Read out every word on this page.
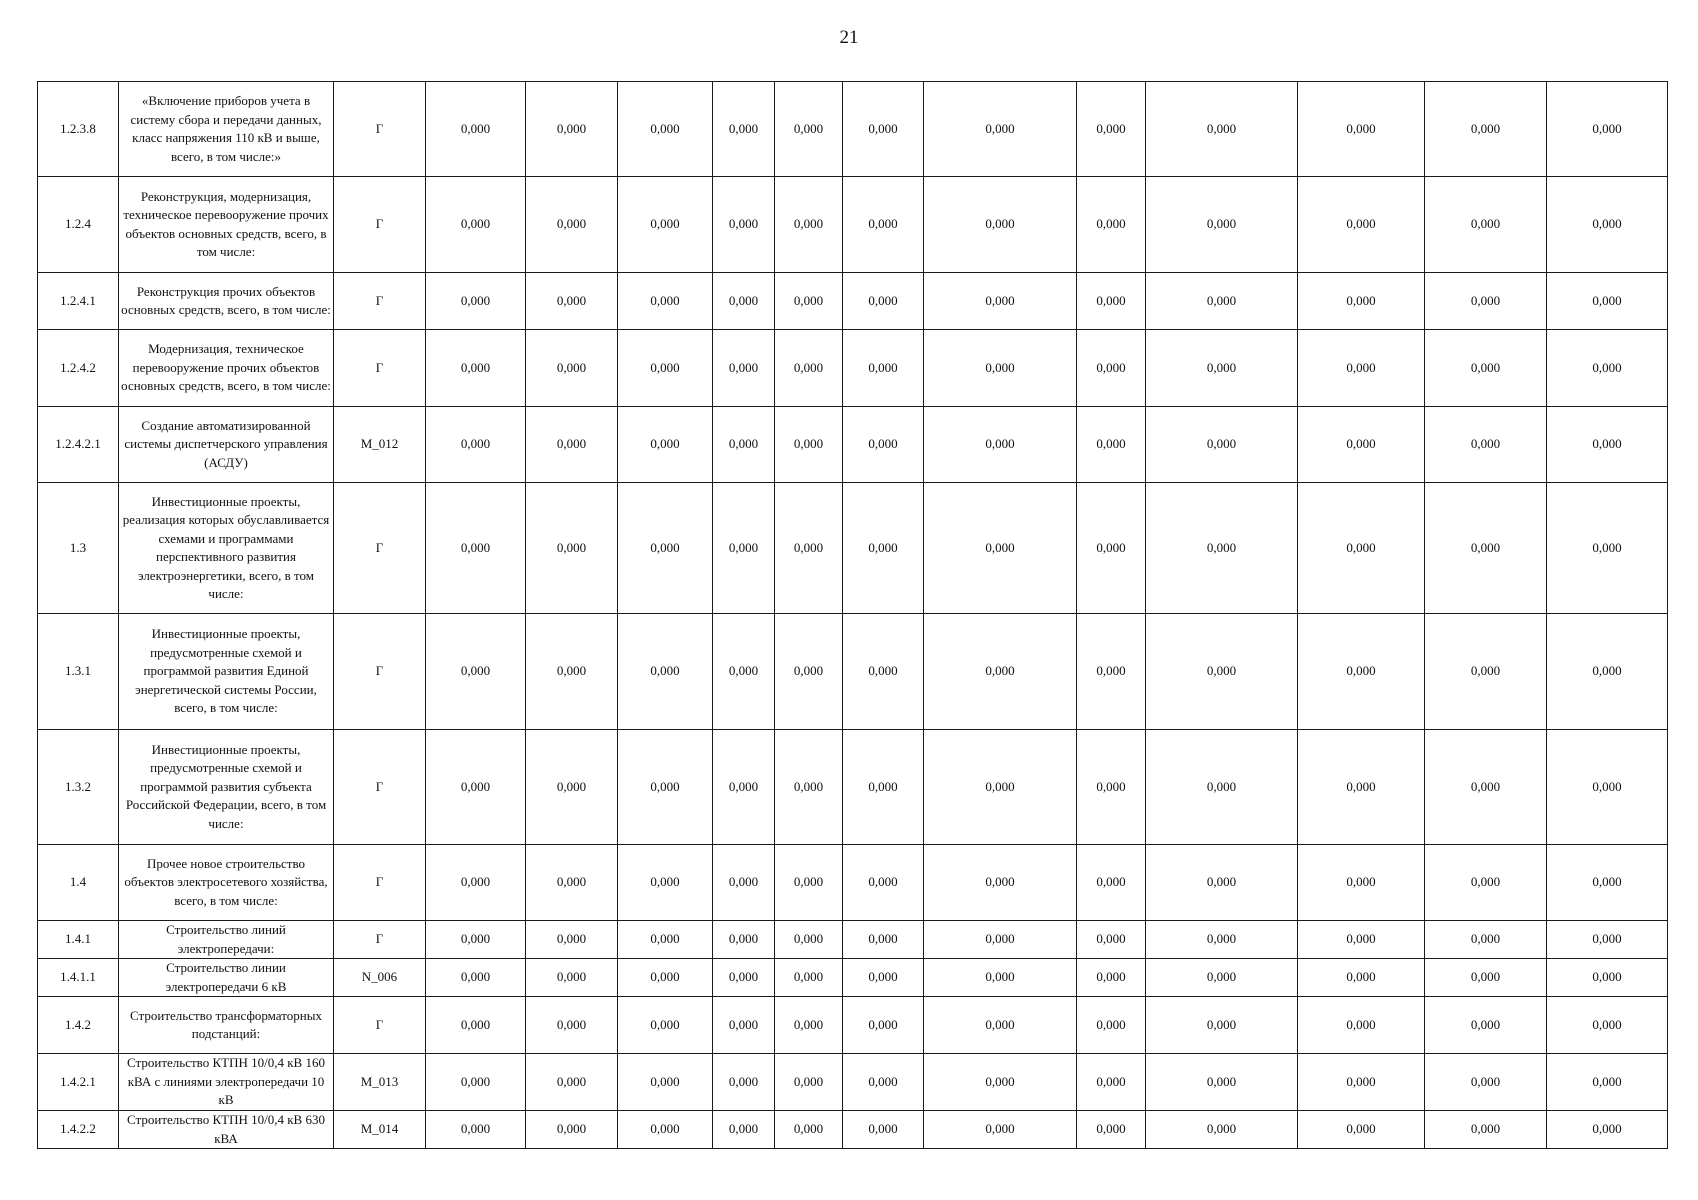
21
1.2.3.8	«Включение приборов учета в систему сбора и передачи данных, класс напряжения 110 кВ и выше, всего, в том числе:»	Г	0,000	0,000	0,000	0,000	0,000	0,000	0,000	0,000	0,000	0,000	0,000	0,000
1.2.4	Реконструкция, модернизация, техническое перевооружение прочих объектов основных средств, всего, в том числе:	Г	0,000	0,000	0,000	0,000	0,000	0,000	0,000	0,000	0,000	0,000	0,000	0,000
1.2.4.1	Реконструкция прочих объектов основных средств, всего, в том числе:	Г	0,000	0,000	0,000	0,000	0,000	0,000	0,000	0,000	0,000	0,000	0,000	0,000
1.2.4.2	Модернизация, техническое перевооружение прочих объектов основных средств, всего, в том числе:	Г	0,000	0,000	0,000	0,000	0,000	0,000	0,000	0,000	0,000	0,000	0,000	0,000
1.2.4.2.1	Создание автоматизированной системы диспетчерского управления (АСДУ)	M_012	0,000	0,000	0,000	0,000	0,000	0,000	0,000	0,000	0,000	0,000	0,000	0,000
1.3	Инвестиционные проекты, реализация которых обуславливается схемами и программами перспективного развития электроэнергетики, всего, в том числе:	Г	0,000	0,000	0,000	0,000	0,000	0,000	0,000	0,000	0,000	0,000	0,000	0,000
1.3.1	Инвестиционные проекты, предусмотренные схемой и программой развития Единой энергетической системы России, всего, в том числе:	Г	0,000	0,000	0,000	0,000	0,000	0,000	0,000	0,000	0,000	0,000	0,000	0,000
1.3.2	Инвестиционные проекты, предусмотренные схемой и программой развития субъекта Российской Федерации, всего, в том числе:	Г	0,000	0,000	0,000	0,000	0,000	0,000	0,000	0,000	0,000	0,000	0,000	0,000
1.4	Прочее новое строительство объектов электросетевого хозяйства, всего, в том числе:	Г	0,000	0,000	0,000	0,000	0,000	0,000	0,000	0,000	0,000	0,000	0,000	0,000
1.4.1	Строительство линий электропередачи:	Г	0,000	0,000	0,000	0,000	0,000	0,000	0,000	0,000	0,000	0,000	0,000	0,000
1.4.1.1	Строительство линии электропередачи 6 кВ	N_006	0,000	0,000	0,000	0,000	0,000	0,000	0,000	0,000	0,000	0,000	0,000	0,000
1.4.2	Строительство трансформаторных подстанций:	Г	0,000	0,000	0,000	0,000	0,000	0,000	0,000	0,000	0,000	0,000	0,000	0,000
1.4.2.1	Строительство КТПН 10/0,4 кВ 160 кВА с линиями электропередачи 10 кВ	M_013	0,000	0,000	0,000	0,000	0,000	0,000	0,000	0,000	0,000	0,000	0,000	0,000
1.4.2.2	Строительство КТПН 10/0,4 кВ 630 кВА	M_014	0,000	0,000	0,000	0,000	0,000	0,000	0,000	0,000	0,000	0,000	0,000	0,000
